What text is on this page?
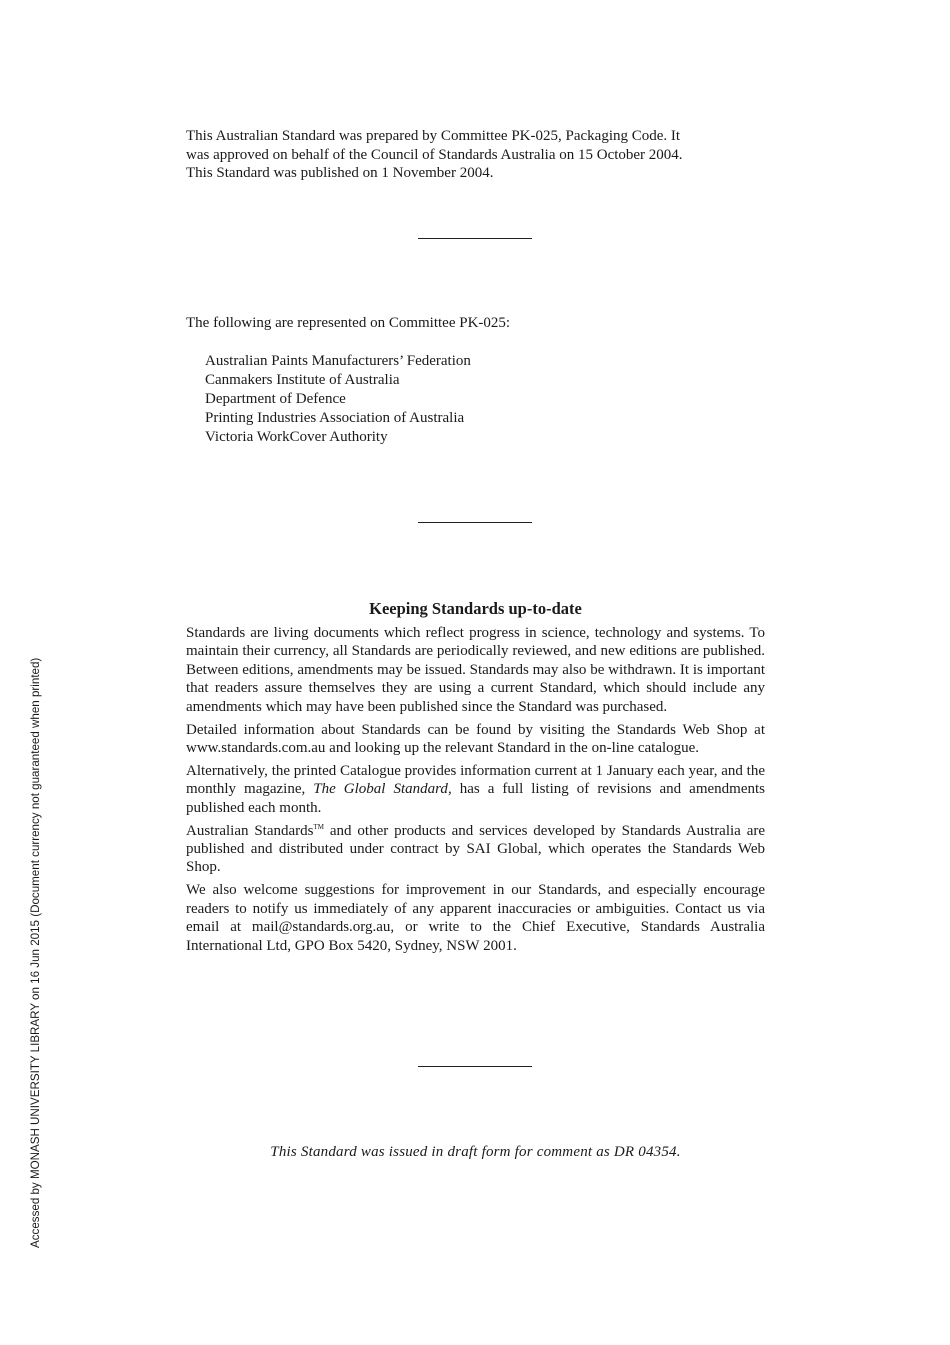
This Australian Standard was prepared by Committee PK-025, Packaging Code. It
was approved on behalf of the Council of Standards Australia on 15 October 2004.
This Standard was published on 1 November 2004.

The following are represented on Committee PK-025:

Australian Paints Manufacturers’ Federation
Canmakers Institute of Australia
Department of Defence
Printing Industries Association of Australia
Victoria WorkCover Authority
Keeping Standards up-to-date

Standards are living documents which reflect progress in science, technology and systems. To maintain their currency, all Standards are periodically reviewed, and new editions are published. Between editions, amendments may be issued. Standards may also be withdrawn. It is important that readers assure themselves they are using a current Standard, which should include any amendments which may have been published since the Standard was purchased.

Detailed information about Standards can be found by visiting the Standards Web Shop at www.standards.com.au and looking up the relevant Standard in the on-line catalogue.

Alternatively, the printed Catalogue provides information current at 1 January each year, and the monthly magazine, The Global Standard, has a full listing of revisions and amendments published each month.

Australian Standards™ and other products and services developed by Standards Australia are published and distributed under contract by SAI Global, which operates the Standards Web Shop.

We also welcome suggestions for improvement in our Standards, and especially encourage readers to notify us immediately of any apparent inaccuracies or ambiguities. Contact us via email at mail@standards.org.au, or write to the Chief Executive, Standards Australia International Ltd, GPO Box 5420, Sydney, NSW 2001.

This Standard was issued in draft form for comment as DR 04354.

Accessed by MONASH UNIVERSITY LIBRARY on 16 Jun 2015 (Document currency not guaranteed when printed)
